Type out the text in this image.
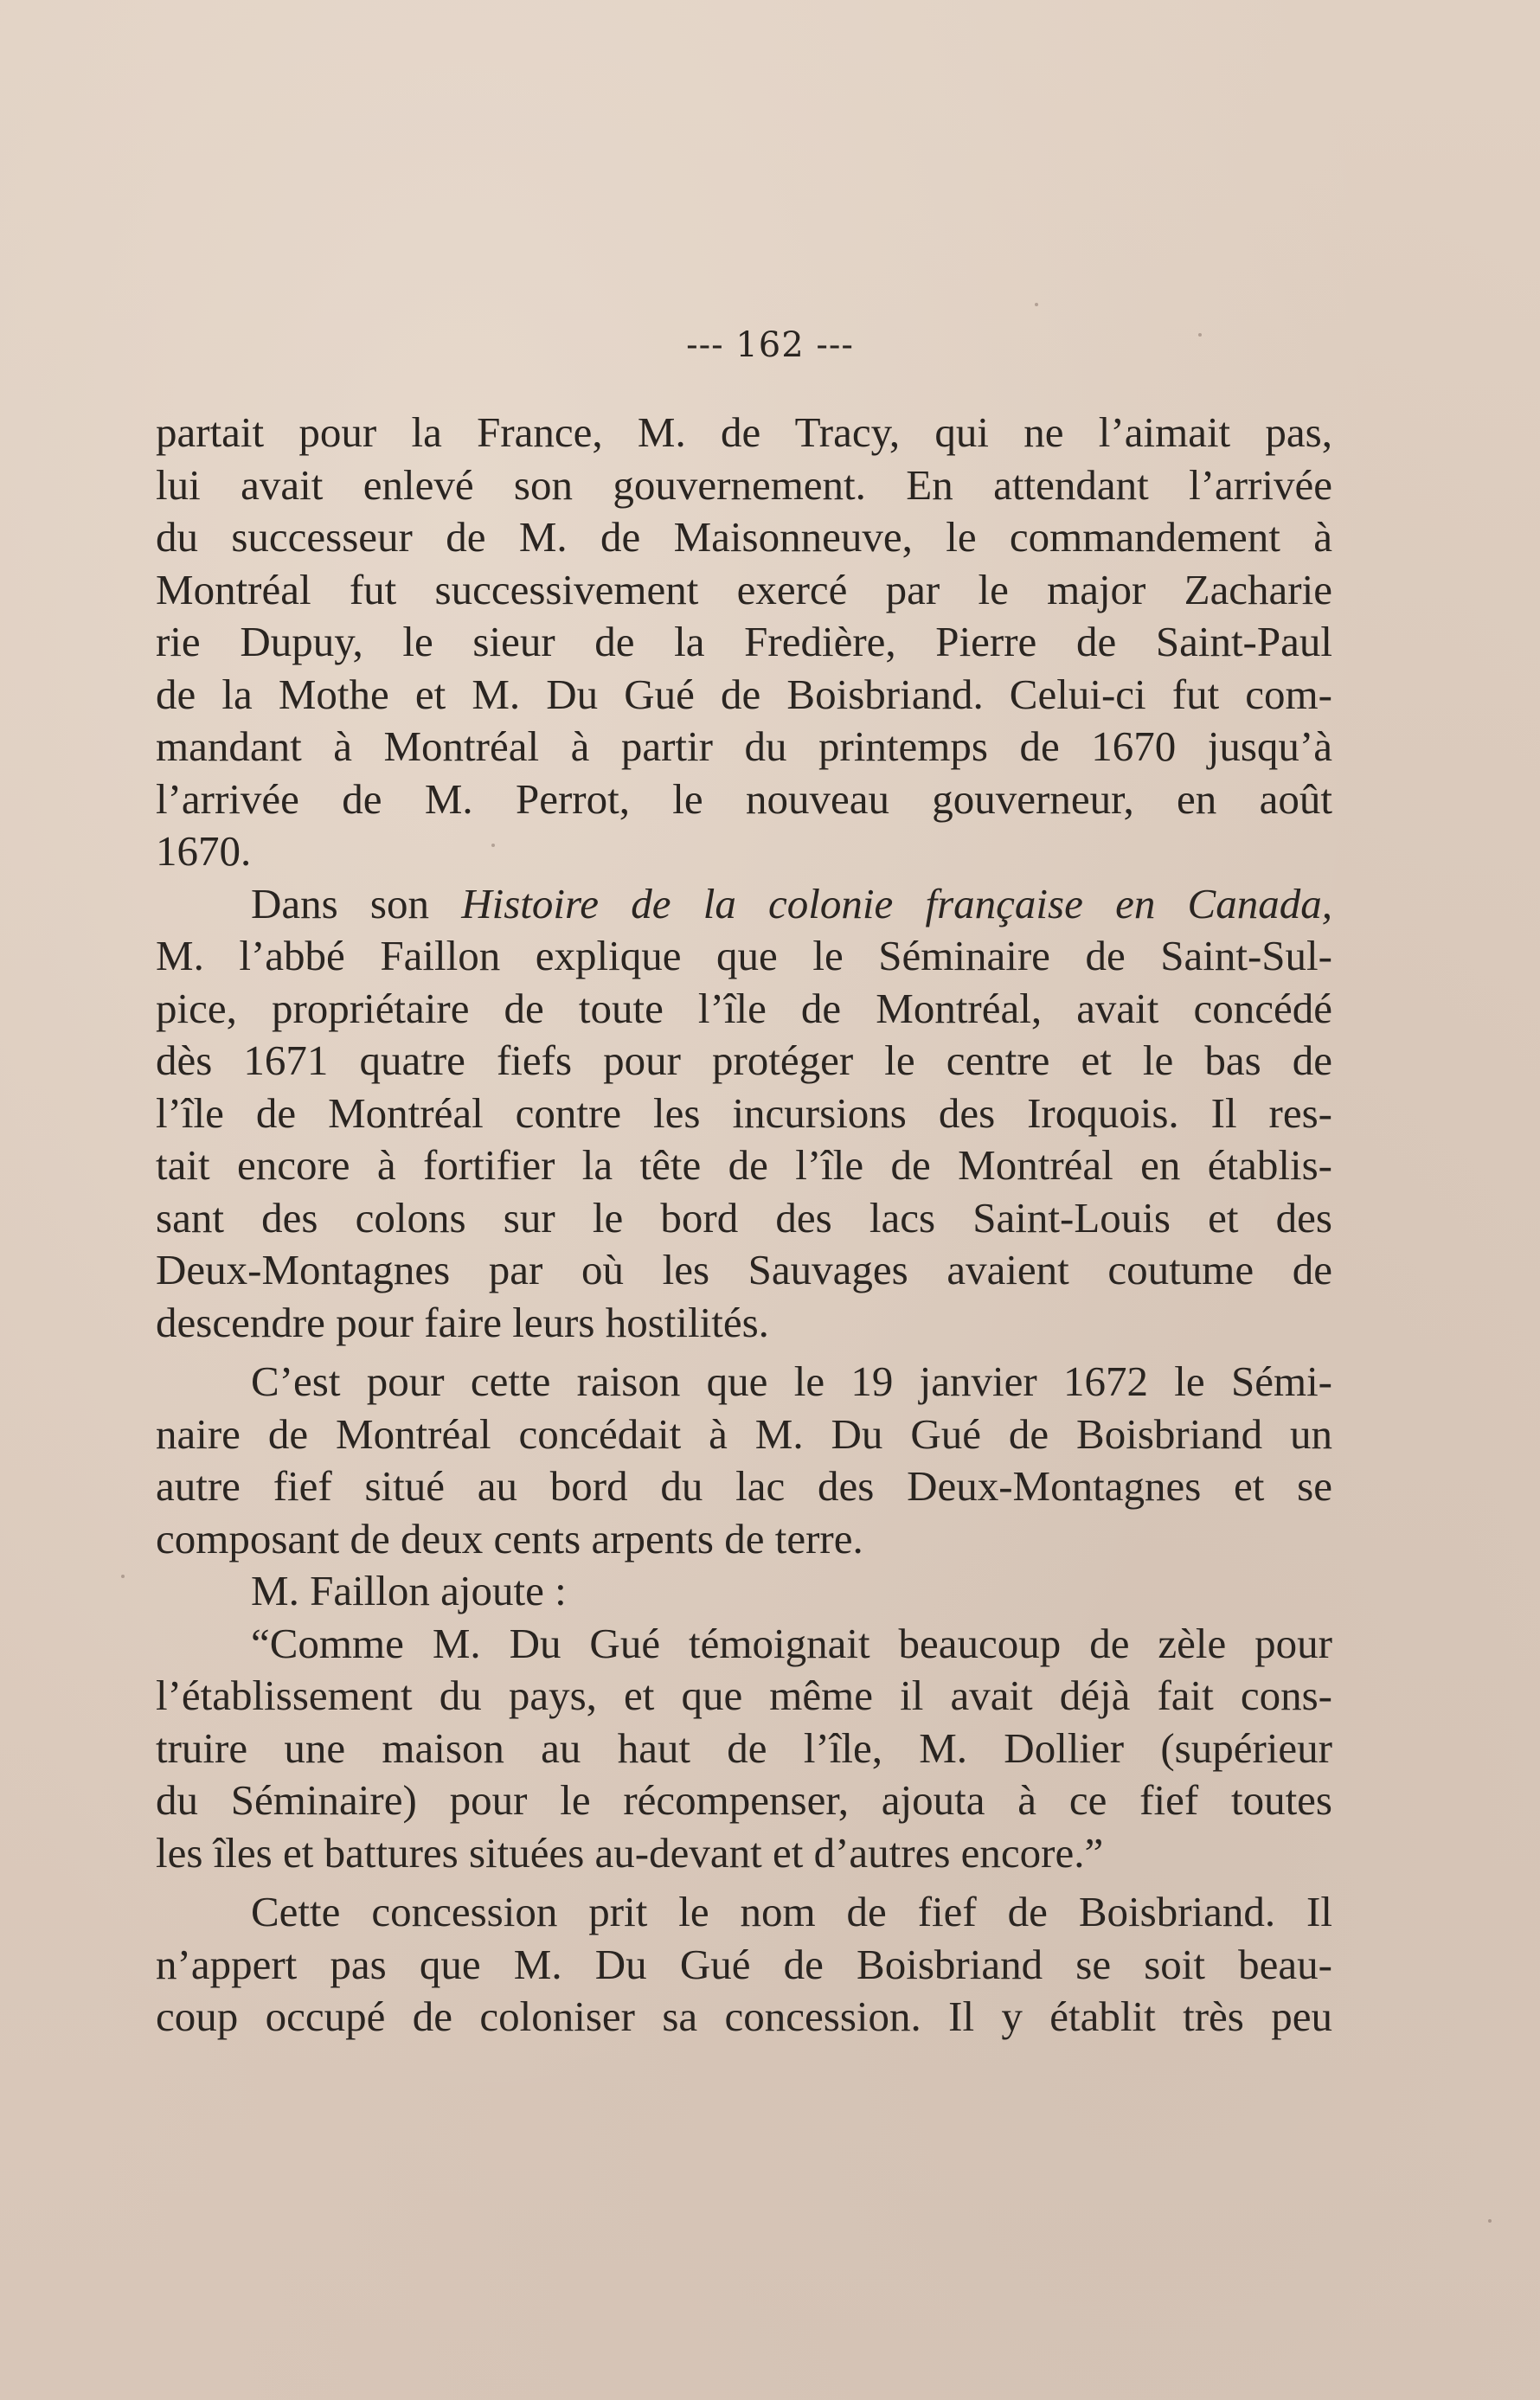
--- 162 ---
partait pour la France, M. de Tracy, qui ne l’aimait pas,
lui avait enlevé son gouvernement. En attendant l’arrivée
du successeur de M. de Maisonneuve, le commandement à
Montréal fut successivement exercé par le major Zacharie
rie Dupuy, le sieur de la Fredière, Pierre de Saint-Paul
de la Mothe et M. Du Gué de Boisbriand. Celui-ci fut com-
mandant à Montréal à partir du printemps de 1670 jusqu’à
l’arrivée de M. Perrot, le nouveau gouverneur, en août
1670.
Dans son Histoire de la colonie française en Canada,
M. l’abbé Faillon explique que le Séminaire de Saint-Sul-
pice, propriétaire de toute l’île de Montréal, avait concédé
dès 1671 quatre fiefs pour protéger le centre et le bas de
l’île de Montréal contre les incursions des Iroquois. Il res-
tait encore à fortifier la tête de l’île de Montréal en établis-
sant des colons sur le bord des lacs Saint-Louis et des
Deux-Montagnes par où les Sauvages avaient coutume de
descendre pour faire leurs hostilités.
C’est pour cette raison que le 19 janvier 1672 le Sémi-
naire de Montréal concédait à M. Du Gué de Boisbriand un
autre fief situé au bord du lac des Deux-Montagnes et se
composant de deux cents arpents de terre.
M. Faillon ajoute :
“Comme M. Du Gué témoignait beaucoup de zèle pour
l’établissement du pays, et que même il avait déjà fait cons-
truire une maison au haut de l’île, M. Dollier (supérieur
du Séminaire) pour le récompenser, ajouta à ce fief toutes
les îles et battures situées au-devant et d’autres encore.”
Cette concession prit le nom de fief de Boisbriand. Il
n’appert pas que M. Du Gué de Boisbriand se soit beau-
coup occupé de coloniser sa concession. Il y établit très peu
